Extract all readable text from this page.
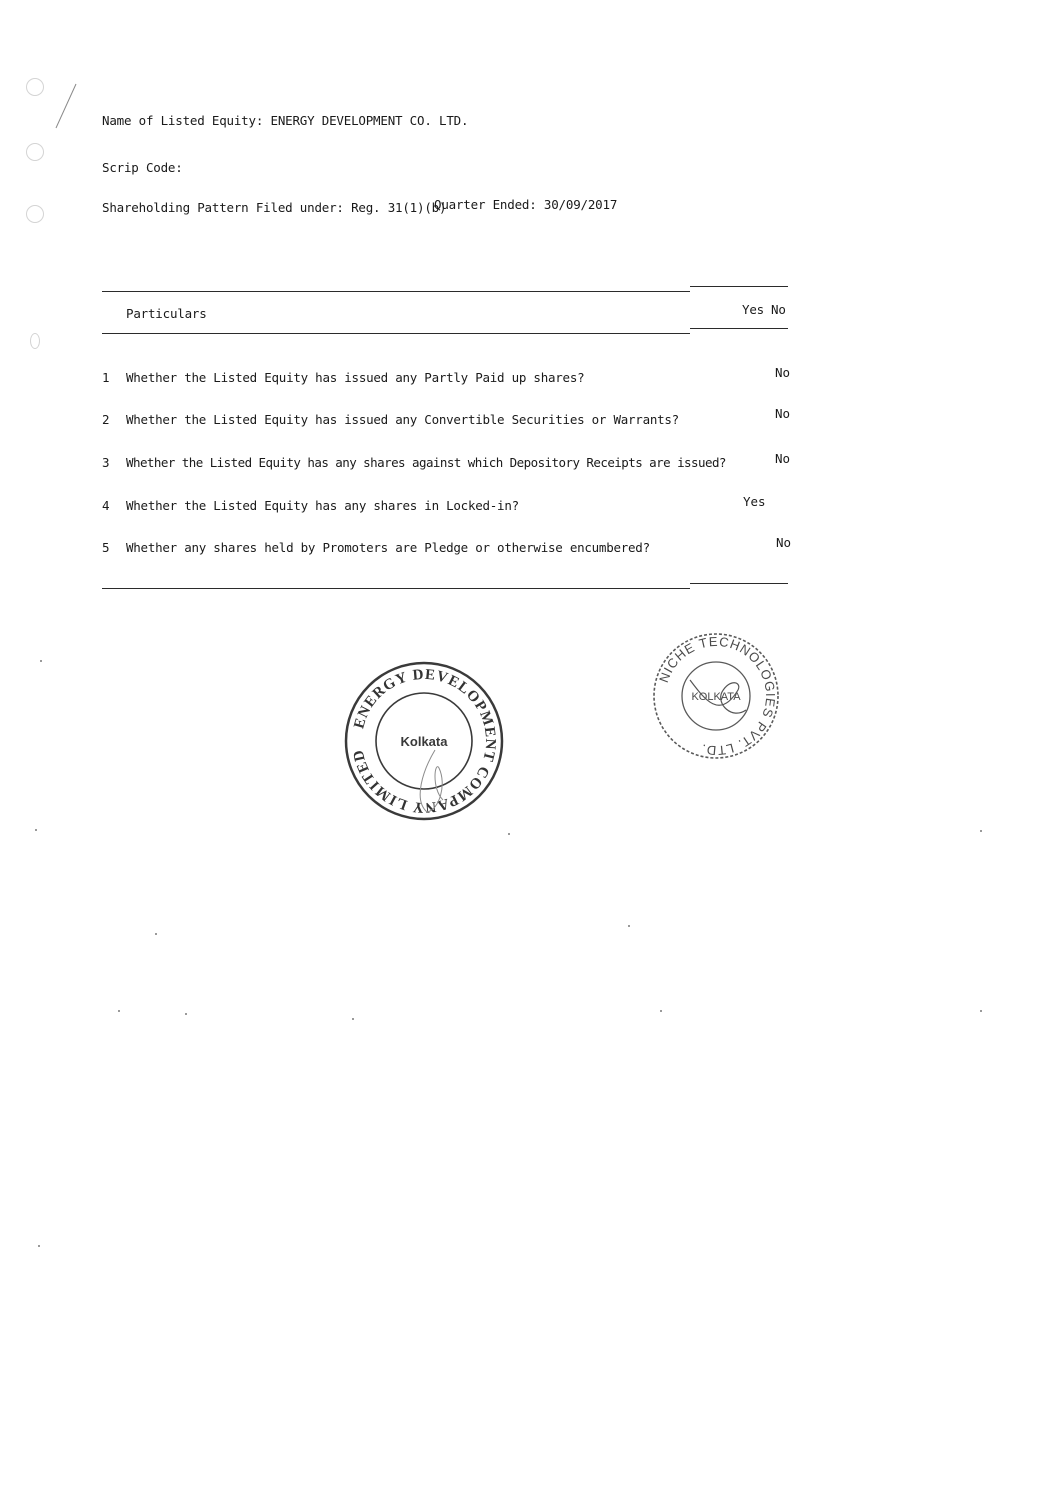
Name of Listed Equity: ENERGY DEVELOPMENT CO. LTD.
Scrip Code:
Shareholding Pattern Filed under: Reg. 31(1)(b)
Quarter Ended: 30/09/2017
Particulars	Yes No
1	Whether the Listed Equity has issued any Partly Paid up shares?	No
2	Whether the Listed Equity has issued any Convertible Securities or Warrants?	No
3	Whether the Listed Equity has any shares against which Depository Receipts are issued?	No
4	Whether the Listed Equity has any shares in Locked-in?	Yes
5	Whether any shares held by Promoters are Pledge or otherwise encumbered?	No
ENERGY DEVELOPMENT COMPANY LIMITED
Kolkata
NICHE TECHNOLOGIES PVT. LTD.
KOLKATA
